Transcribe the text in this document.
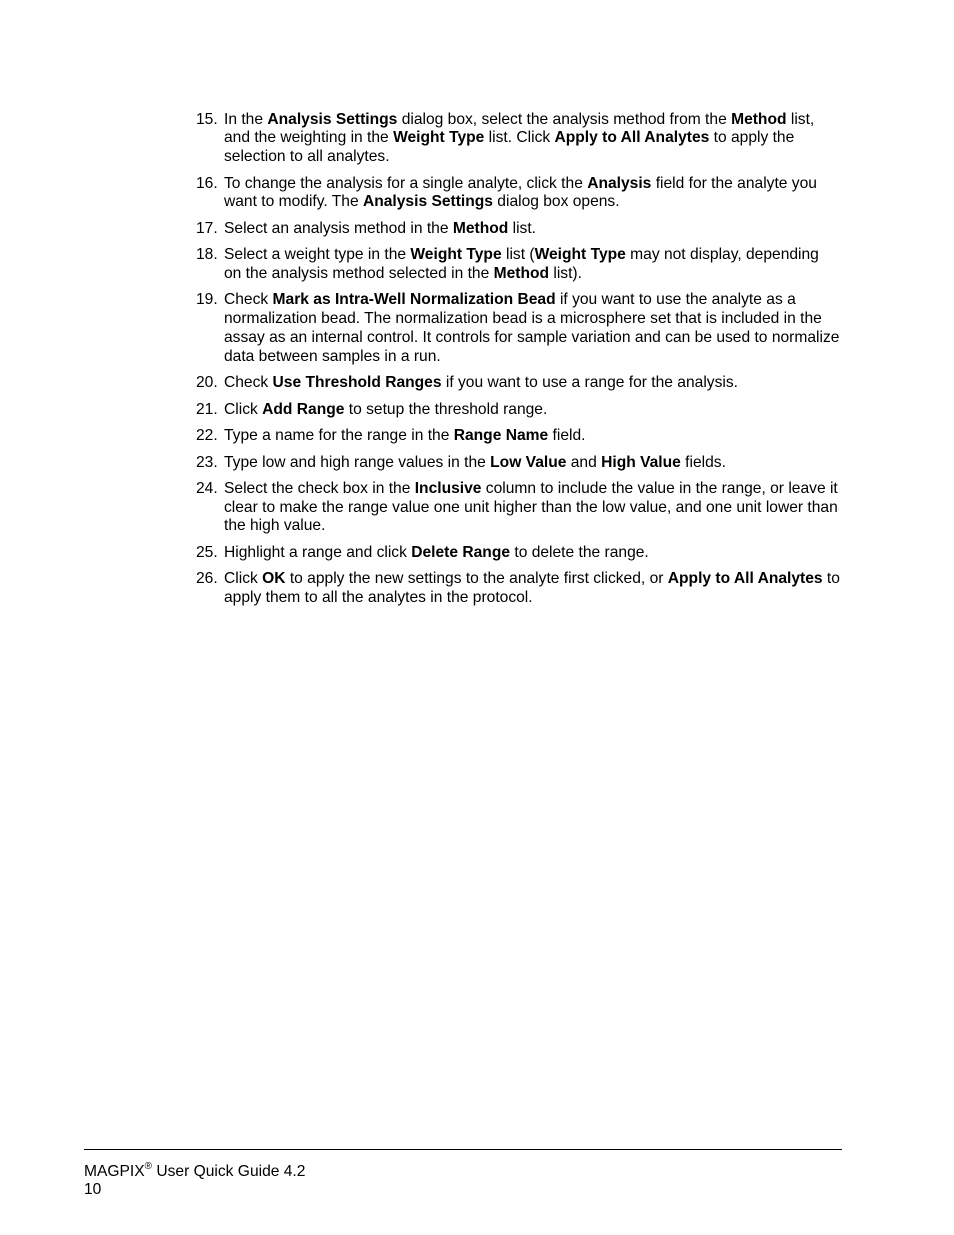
15. In the Analysis Settings dialog box, select the analysis method from the Method list,
and the weighting in the Weight Type list. Click Apply to All Analytes to apply the
selection to all analytes.
16. To change the analysis for a single analyte, click the Analysis field for the analyte you
want to modify. The Analysis Settings dialog box opens.
17. Select an analysis method in the Method list.
18. Select a weight type in the Weight Type list (Weight Type may not display, depending
on the analysis method selected in the Method list).
19. Check Mark as Intra-Well Normalization Bead if you want to use the analyte as a
normalization bead. The normalization bead is a microsphere set that is included in the
assay as an internal control. It controls for sample variation and can be used to normalize
data between samples in a run.
20. Check Use Threshold Ranges if you want to use a range for the analysis.
21. Click Add Range to setup the threshold range.
22. Type a name for the range in the Range Name field.
23. Type low and high range values in the Low Value and High Value fields.
24. Select the check box in the Inclusive column to include the value in the range, or leave it
clear to make the range value one unit higher than the low value, and one unit lower than
the high value.
25. Highlight a range and click Delete Range to delete the range.
26. Click OK to apply the new settings to the analyte first clicked, or Apply to All Analytes to
apply them to all the analytes in the protocol.
MAGPIX® User Quick Guide 4.2
10
